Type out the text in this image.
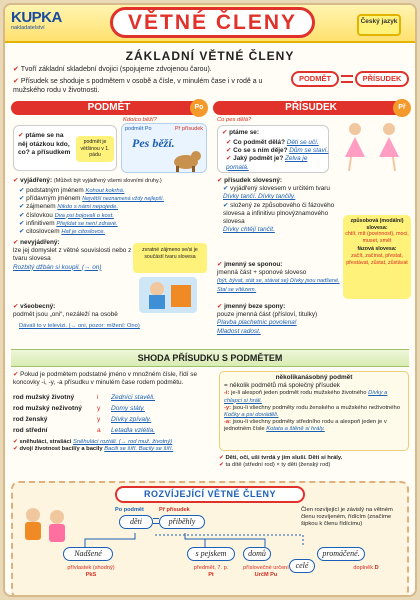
KUPKA
nakladatelství	VĚTNÉ ČLENY	Český jazyk
ZÁKLADNÍ VĚTNÉ ČLENY
✔ Tvoří základní skladební dvojici (spojujeme zdvojenou čarou).
✔ Přísudek se shoduje s podmětem v osobě a čísle, v minulém čase i v rodě a u mužského rodu v životnosti.
PODMĚT	PŘÍSUDEK
PODMĚT	Po
Kdo/co běží?
✔ ptáme se na něj otázkou kdo, co? a přísudkem
podmět je většinou v 1. pádu
podmět Po	Př přísudek
Pes běží.
✔ vyjádřený: (Můžeš být vyjádřený všemi slovními druhy.)
✔ podstatným jménem Kohout kokrhá.
✔ přídavným jménem Největší neznamená vždy nejlepší.
✔ zájmenem Nikdo s námi nepojede.
✔ číslovkou Dva psi bojovali o kost.
✔ infinitivem Přejídat se není zdravé.
✔ citoslovcem Haf je citoslovce.
✔ nevyjádřený:
lze jej domyslet z větné souvislosti nebo z tvaru slovesa
Rozbitý džbán si koupil. (→ on)
zvratné zájmeno se/si je součástí tvaru slovesa
✔ všeobecný:
podmět jsou „oni“, nezáleží na osobě
Dávali to v televizi. (→ oni, pozor: mlžení: Ono)
PŘÍSUDEK	Př
Co pes dělá?
✔ ptáme se:
✔ Co podmět dělá? Děti se učí.
✔ Co se s ním děje? Dům se staví.
✔ Jaký podmět je? Zelva je pomalá.
✔ přísudek slovesný:
✔ vyjádřený slovesem v určitém tvaru
Dívky tančí. Dívky tančily.
✔ složený ze způsobového či fázového slovesa a infinitivu plnovýznamového slovesa
Dívky chtějí tančit.
způsobová (modální) slovesa:
chtít, mít (povinnost), moci, muset, smět
fázová slovesa:
začít, začínat, přestat, přestávat, zůstat, zůstávat
✔ jmenný se sponou:
jmenná část + sponové sloveso
(být, bývat, stát se, stávat se) Dívky jsou nadšené. Stal se vítězem.
✔ jmenný beze spony:
pouze jmenná část (přísloví, titulky)
Plavba plachetnic povolena!
Mladost radost.
SHODA PŘÍSUDKU S PODMĚTEM
✔ Pokud je podmětem podstatné jméno v množném čísle, řídí se koncovky -i, -y, -a přísudku v minulém čase rodem podmětu.
rod mužský životný	i Zedníci stavěli.
rod mužský neživotný y Domy stály.
rod ženský	y Dívky zpívaly.
rod střední	a Letadla vzlétla.
několikanásobný podmět
= několik podmětů má společný přísudek
-i: je-li alespoň jeden podmět rodu mužského životného Dívky a chlapci si hráli.
-y: jsou-li všechny podměty rodu ženského a mužského neživotného Kočky a psi dováděli.
-a: jsou-li všechny podměty středního rodu a alespoň jeden je v jednotném čísle Kotata a štěně si hrály.
✔ sněhuláci, strašáci Sněhuláci roztáli. (→ rod muž. životný)
✔ dvojí životnost bacil/y a bacily Bacili se šíří. Bacily se šíří.
✔ Děti, oči, uši tvrdá y jim sluší. Děti si hrály.
✔ ta dítě (střední rod) × ty děti (ženský rod)
ROZVÍJEJÍCÍ VĚTNÉ ČLENY
Po podmět	Př přísudek
děti	přiběhly
Člen rozvíjející je závislý na větném členu rozvíjeném, řídícím (značíme šipkou k členu řídícímu)
Nadšené	s pejskem	domů
celé
promáčené.
přívlastek (shodný)
PkS
předmět, 7. p.
Pt
příslovečné určení
UrčM Pu
doplněk D
